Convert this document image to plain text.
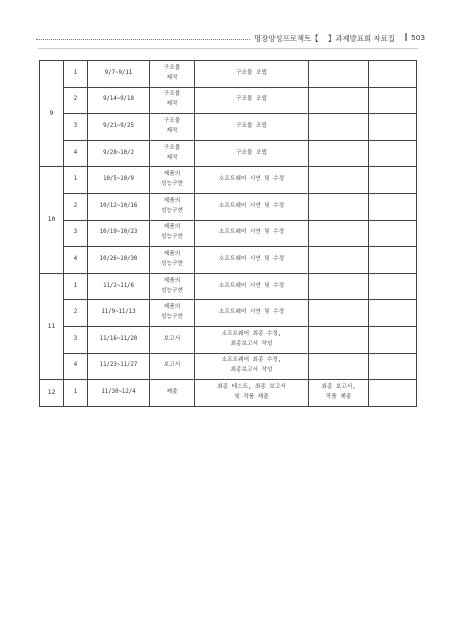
명장양성프로젝트【 】과제발표회 자료집 ‖ 503
9	1	9/7~9/11	구조물
제작	구조물 조립		
	2	9/14~9/18	구조물
제작	구조물 조립		
	3	9/21~9/25	구조물
제작	구조물 조립		
	4	9/28~10/2	구조물
제작	구조물 조립		
10	1	10/5~10/9	제품의
성능구현	소프트웨어 시연 및 수정		
	2	10/12~10/16	제품의
성능구현	소프트웨어 시연 및 수정		
	3	10/19~10/23	제품의
성능구현	소프트웨어 시연 및 수정		
	4	10/26~10/30	제품의
성능구현	소프트웨어 시연 및 수정		
11	1	11/2~11/6	제품의
성능구현	소프트웨어 시연 및 수정		
	2	11/9~11/13	제품의
성능구현	소프트웨어 시연 및 수정		
	3	11/16~11/20	보고서	소프트웨어 최종 수정,
최종보고서 작성		
	4	11/23~11/27	보고서	소프트웨어 최종 수정,
최종보고서 작성		
12	1	11/30~12/4	제출	최종 테스트, 최종 보고서
및 작품 제출	최종 보고서,
작품 제출	
